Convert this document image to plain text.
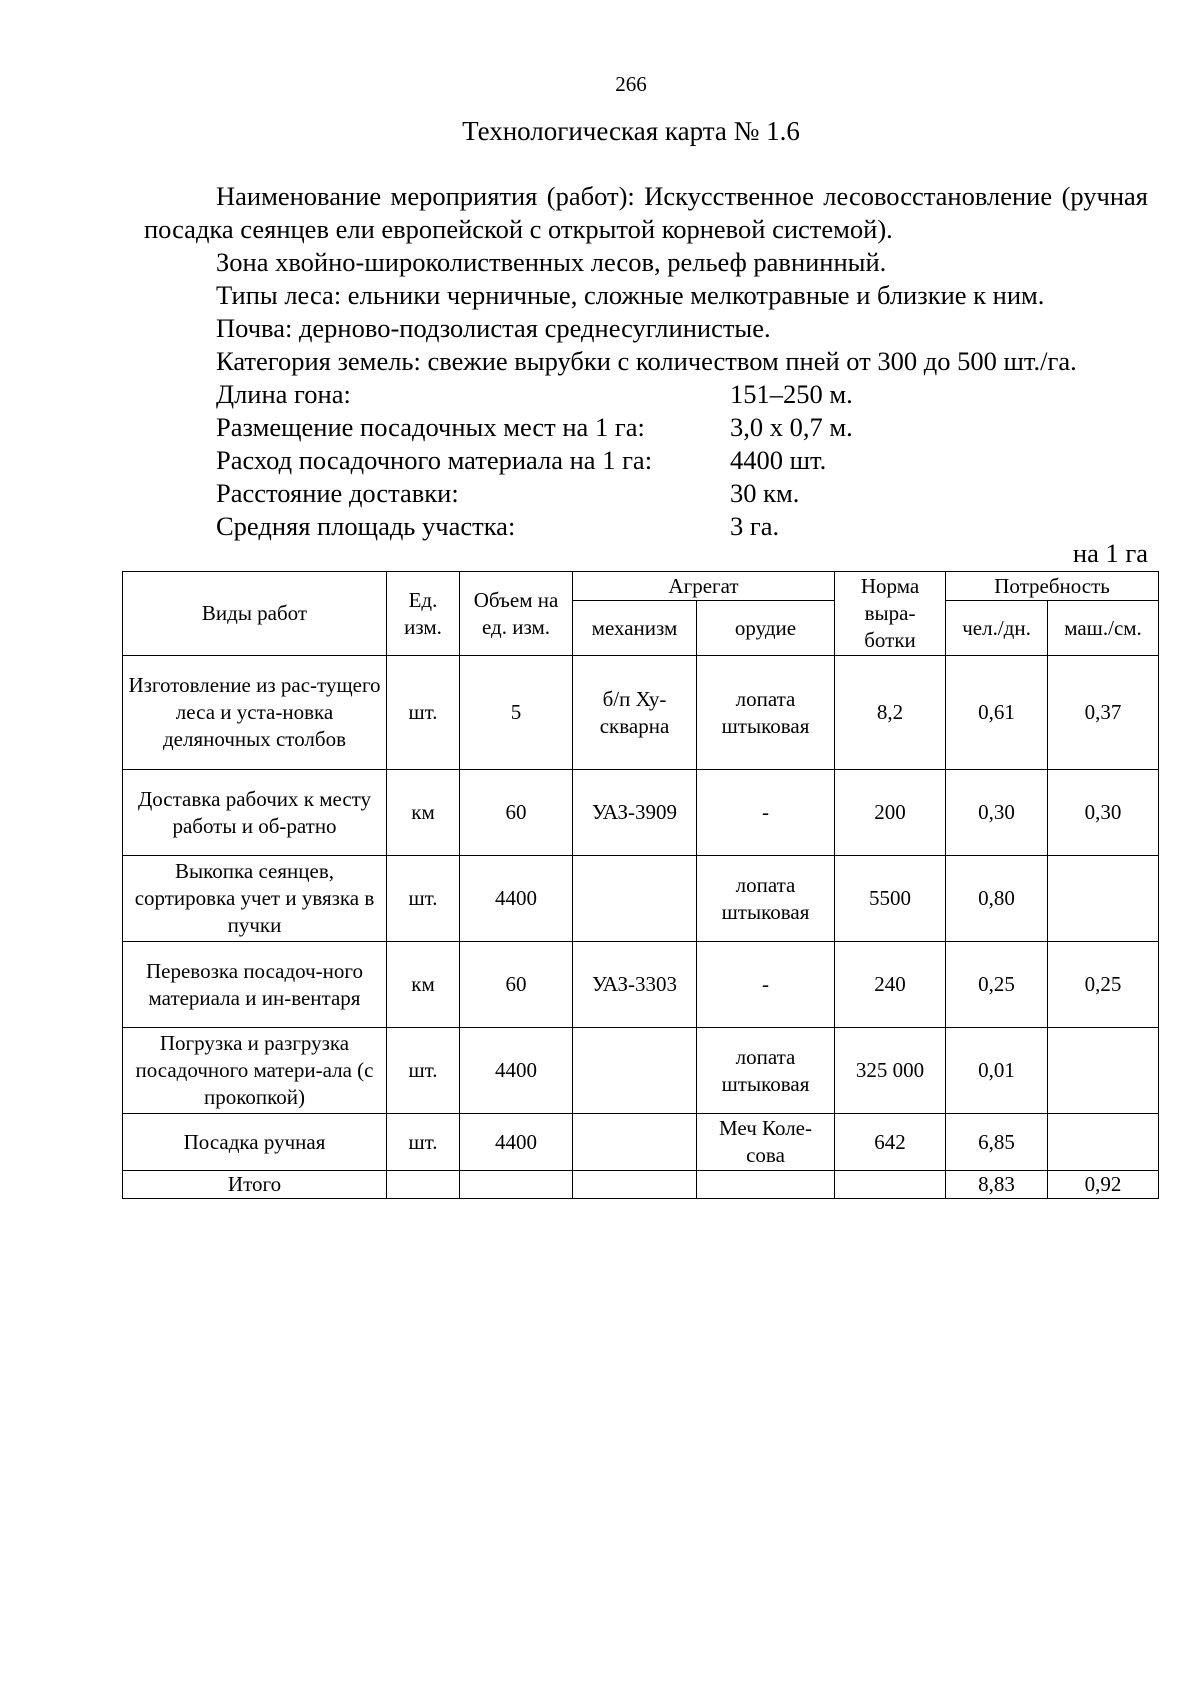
266
Технологическая карта № 1.6

Наименование мероприятия (работ): Искусственное лесовосстановление (ручная посадка сеянцев ели европейской с открытой корневой системой).

Зона хвойно-широколиственных лесов, рельеф равнинный.

Типы леса: ельники черничные, сложные мелкотравные и близкие к ним.

Почва: дерново-подзолистая среднесуглинистые.

Категория земель: свежие вырубки с количеством пней от 300 до 500 шт./га.

Длина гона:	151–250 м.
Размещение посадочных мест на 1 га:	3,0 х 0,7 м.
Расход посадочного материала на 1 га:	4400 шт.
Расстояние доставки:	30 км.
Средняя площадь участка:	3 га.
на 1 га
Виды работ	Ед. изм.	Объем на ед. изм.	Агрегат		Норма выра-ботки	Потребность	
			механизм	орудие		чел./дн.	маш./см.
Изготовление из рас-тущего леса и уста-новка деляночных столбов	шт.	5	б/п Ху-скварна	лопата штыковая	8,2	0,61	0,37
Доставка рабочих к месту работы и об-ратно	км	60	УАЗ-3909	-	200	0,30	0,30
Выкопка сеянцев, сортировка учет и увязка в пучки	шт.	4400		лопата штыковая	5500	0,80	
Перевозка посадоч-ного материала и ин-вентаря	км	60	УАЗ-3303	-	240	0,25	0,25
Погрузка и разгрузка посадочного матери-ала (с прокопкой)	шт.	4400		лопата штыковая	325 000	0,01	
Посадка ручная	шт.	4400		Меч Коле-сова	642	6,85	
Итого						8,83	0,92
